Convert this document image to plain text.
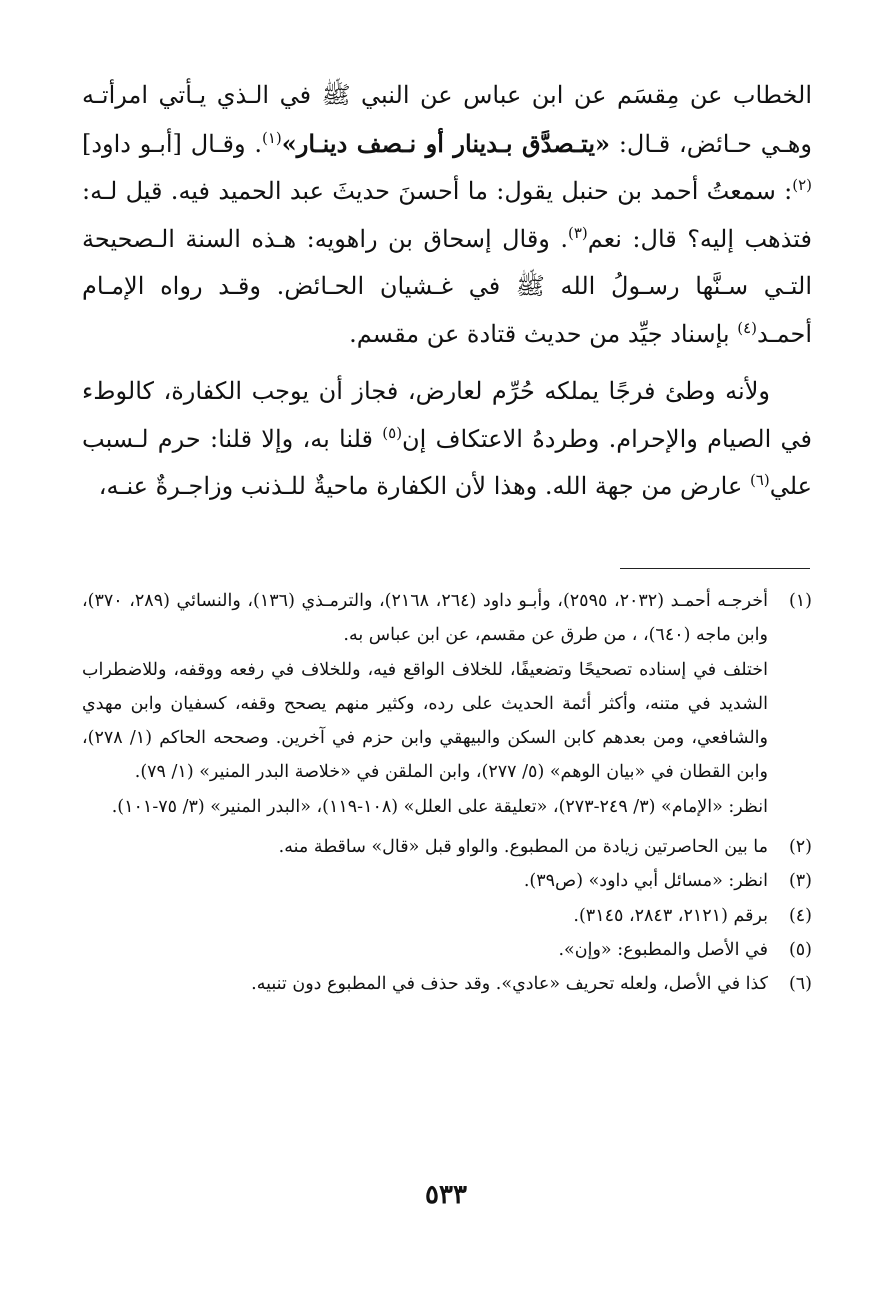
الخطاب عن مِقسَم عن ابن عباس عن النبي ﷺ في الـذي يـأتي امرأتـه وهـي حـائض، قـال: «يتـصدَّق بـدينار أو نـصف دينـار»$^{(١)}$. وقـال [أبـو داود]$^{(٢)}$: سمعتُ أحمد بن حنبل يقول: ما أحسنَ حديثَ عبد الحميد فيه. قيل لـه: فتذهب إليه؟ قال: نعم$^{(٣)}$. وقال إسحاق بن راهويه: هـذه السنة الـصحيحة التـي سـنَّها رسـولُ الله ﷺ في غـشيان الحـائض. وقـد رواه الإمـام أحمـد$^{(٤)}$ بإسناد جيِّد من حديث قتادة عن مقسم.

ولأنه وطئ فرجًا يملكه حُرِّم لعارض، فجاز أن يوجب الكفارة، كالوطء في الصيام والإحرام. وطردهُ الاعتكاف إن$^{(٥)}$ قلنا به، وإلا قلنا: حرم لـسبب علي$^{(٦)}$ عارض من جهة الله. وهذا لأن الكفارة ماحيةٌ للـذنب وزاجـرةٌ عنـه،

(١)

أخرجـه أحمـد (٢٠٣٢، ٢٥٩٥)، وأبـو داود (٢٦٤، ٢١٦٨)، والترمـذي (١٣٦)، والنسائي (٢٨٩، ٣٧٠)، وابن ماجه (٦٤٠)، ، من طرق عن مقسم، عن ابن عباس به.

اختلف في إسناده تصحيحًا وتضعيفًا، للخلاف الواقع فيه، وللخلاف في رفعه ووقفه، وللاضطراب الشديد في متنه، وأكثر أئمة الحديث على رده، وكثير منهم يصحح وقفه، كسفيان وابن مهدي والشافعي، ومن بعدهم كابن السكن والبيهقي وابن حزم في آخرين. وصححه الحاكم (١/ ٢٧٨)، وابن القطان في «بيان الوهم» (٥/ ٢٧٧)، وابن الملقن في «خلاصة البدر المنير» (١/ ٧٩).

انظر: «الإمام» (٣/ ٢٤٩-٢٧٣)، «تعليقة على العلل» (١٠٨-١١٩)، «البدر المنير» (٣/ ٧٥-١٠١).

(٢)

ما بين الحاصرتين زيادة من المطبوع. والواو قبل «قال» ساقطة منه.

(٣)

انظر: «مسائل أبي داود» (ص٣٩).

(٤)

برقم (٢١٢١، ٢٨٤٣، ٣١٤٥).

(٥)

في الأصل والمطبوع: «وإن».

(٦)

كذا في الأصل، ولعله تحريف «عادي». وقد حذف في المطبوع دون تنبيه.

٥٣٣
